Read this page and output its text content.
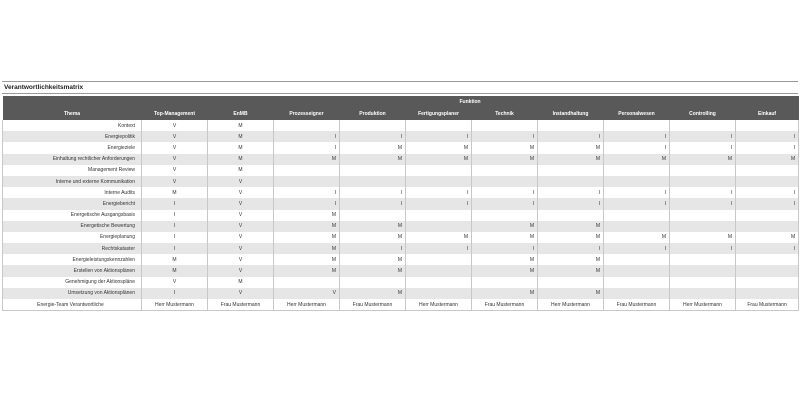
Verantwortlichkeitsmatrix
	Funktion									
Thema	Top-Management	EnMB	Prozesseigner	Produktion	Fertigungsplaner	Technik	Instandhaltung	Personalwesen	Controlling	Einkauf
Kontext	V	M								
Energiepolitik	V	M	I	I	I	I	I	I	I	I
Energieziele	V	M	I	M	M	M	M	I	I	I
Einhaltung rechtlicher Anforderungen	V	M	M	M	M	M	M	M	M	M
Management Review	V	M								
Interne und externe Kommunikation	V	V								
Interne Audits	M	V	I	I	I	I	I	I	I	I
Energiebericht	I	V	I	I	I	I	I	I	I	I
Energetische Ausgangsbasis	I	V	M							
Energetische Bewertung	I	V	M	M		M	M			
Energieplanung	I	V	M	M	M	M	M	M	M	M
Rechtskataster	I	V	M	I	I	I	I	I	I	I
Energieleistungskennzahlen	M	V	M	M		M	M			
Erstellen von Aktionsplänen	M	V	M	M		M	M			
Genehmigung der Aktionspläne	V	M								
Umsetzung von Aktionsplänen	I	V	V	M		M	M			
Energie-Team Verantwortliche	Herr Mustermann	Frau Mustermann	Herr Mustermann	Frau Mustermann	Herr Mustermann	Frau Mustermann	Herr Mustermann	Frau Mustermann	Herr Mustermann	Frau Mustermann
